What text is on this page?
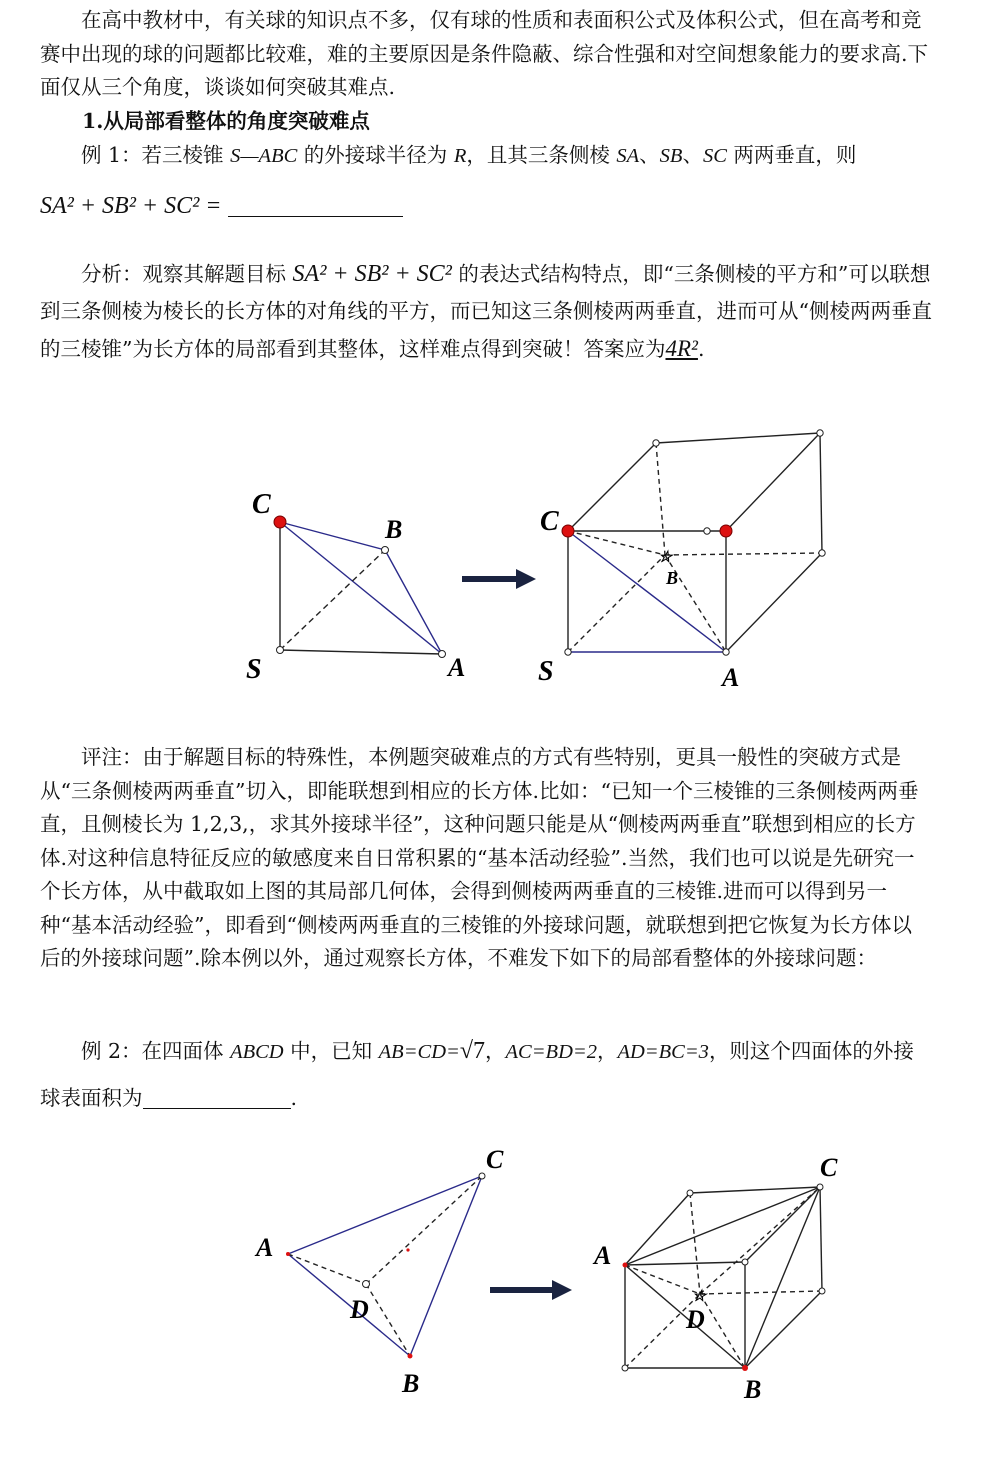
在高中教材中，有关球的知识点不多，仅有球的性质和表面积公式及体积公式，但在高考和竞赛中出现的球的问题都比较难，难的主要原因是条件隐蔽、综合性强和对空间想象能力的要求高.下面仅从三个角度，谈谈如何突破其难点.

1.从局部看整体的角度突破难点

例 1：若三棱锥 S—ABC 的外接球半径为 R，且其三条侧棱 SA、SB、SC 两两垂直，则

SA² + SB² + SC² =

分析：观察其解题目标 SA² + SB² + SC² 的表达式结构特点，即“三条侧棱的平方和”可以联想到三条侧棱为棱长的长方体的对角线的平方，而已知这三条侧棱两两垂直，进而可从“侧棱两两垂直的三棱锥”为长方体的局部看到其整体，这样难点得到突破！答案应为4R².

C
B
S	A
☆
C
B
S	A

评注：由于解题目标的特殊性，本例题突破难点的方式有些特别，更具一般性的突破方式是从“三条侧棱两两垂直”切入，即能联想到相应的长方体.比如：“已知一个三棱锥的三条侧棱两两垂直，且侧棱长为 1,2,3,，求其外接球半径”，这种问题只能是从“侧棱两两垂直”联想到相应的长方体.对这种信息特征反应的敏感度来自日常积累的“基本活动经验”.当然，我们也可以说是先研究一个长方体，从中截取如上图的其局部几何体，会得到侧棱两两垂直的三棱锥.进而可以得到另一种“基本活动经验”，即看到“侧棱两两垂直的三棱锥的外接球问题，就联想到把它恢复为长方体以后的外接球问题”.除本例以外，通过观察长方体，不难发下如下的局部看整体的外接球问题：

例 2：在四面体 ABCD 中，已知 AB=CD=√7，AC=BD=2，AD=BC=3，则这个四面体的外接球表面积为	.

C
A
D
B
☆
C
A
D
B
